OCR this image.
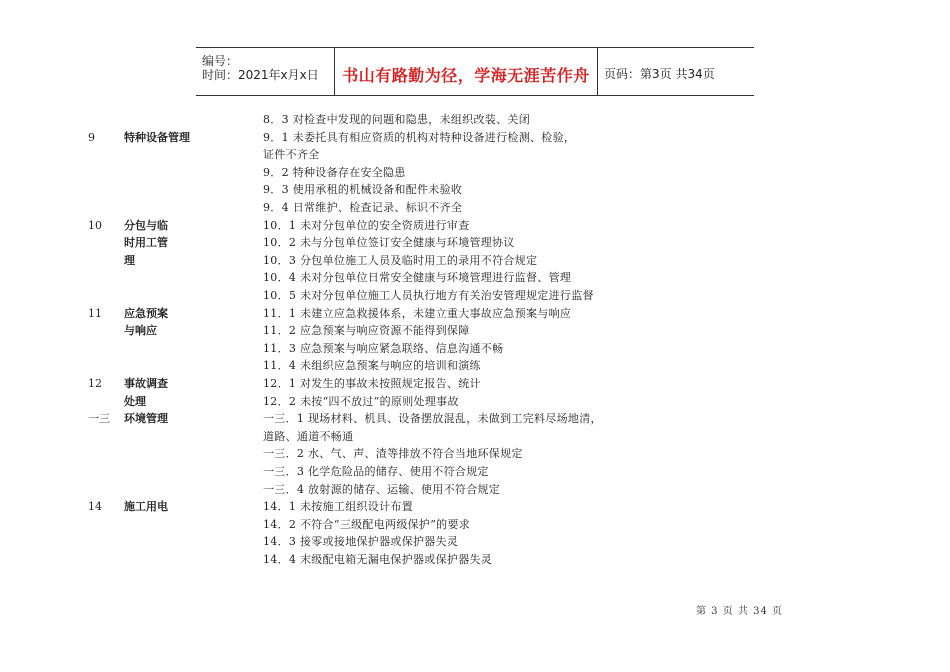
编号：
时间：2021年x月x日	书山有路勤为径，学海无涯苦作舟	页码：第3页 共34页
8．3 对检查中发现的问题和隐患，未组织改装、关闭
9	特种设备管理	9．1 未委托具有相应资质的机构对特种设备进行检测、检验，
证件不齐全
9．2 特种设备存在安全隐患
9．3 使用承租的机械设备和配件未验收
9．4 日常维护、检查记录、标识不齐全
10 分包与临	10．1 未对分包单位的安全资质进行审查
时用工管	10．2 未与分包单位签订安全健康与环境管理协议
理	10．3 分包单位施工人员及临时用工的录用不符合规定
10．4 未对分包单位日常安全健康与环境管理进行监督、管理
10．5 未对分包单位施工人员执行地方有关治安管理规定进行监督
11 应急预案	11．1 未建立应急救援体系，未建立重大事故应急预案与响应
与响应	11．2 应急预案与响应资源不能得到保障
11．3 应急预案与响应紧急联络、信息沟通不畅
11．4 未组织应急预案与响应的培训和演练
12 事故调查	12．1 对发生的事故未按照规定报告、统计
处理	12．2 未按“四不放过”的原则处理事故
一三 环境管理	一三．1 现场材料、机具、设备摆放混乱，未做到工完料尽场地清，
道路、通道不畅通
一三．2 水、气、声、渣等排放不符合当地环保规定
一三．3 化学危险品的储存、使用不符合规定
一三．4 放射源的储存、运输、使用不符合规定
14 施工用电	14．1 未按施工组织设计布置
14．2 不符合“三级配电两级保护”的要求
14．3 接零或接地保护器或保护器失灵
14．4 末级配电箱无漏电保护器或保护器失灵
第 3 页 共 34 页
